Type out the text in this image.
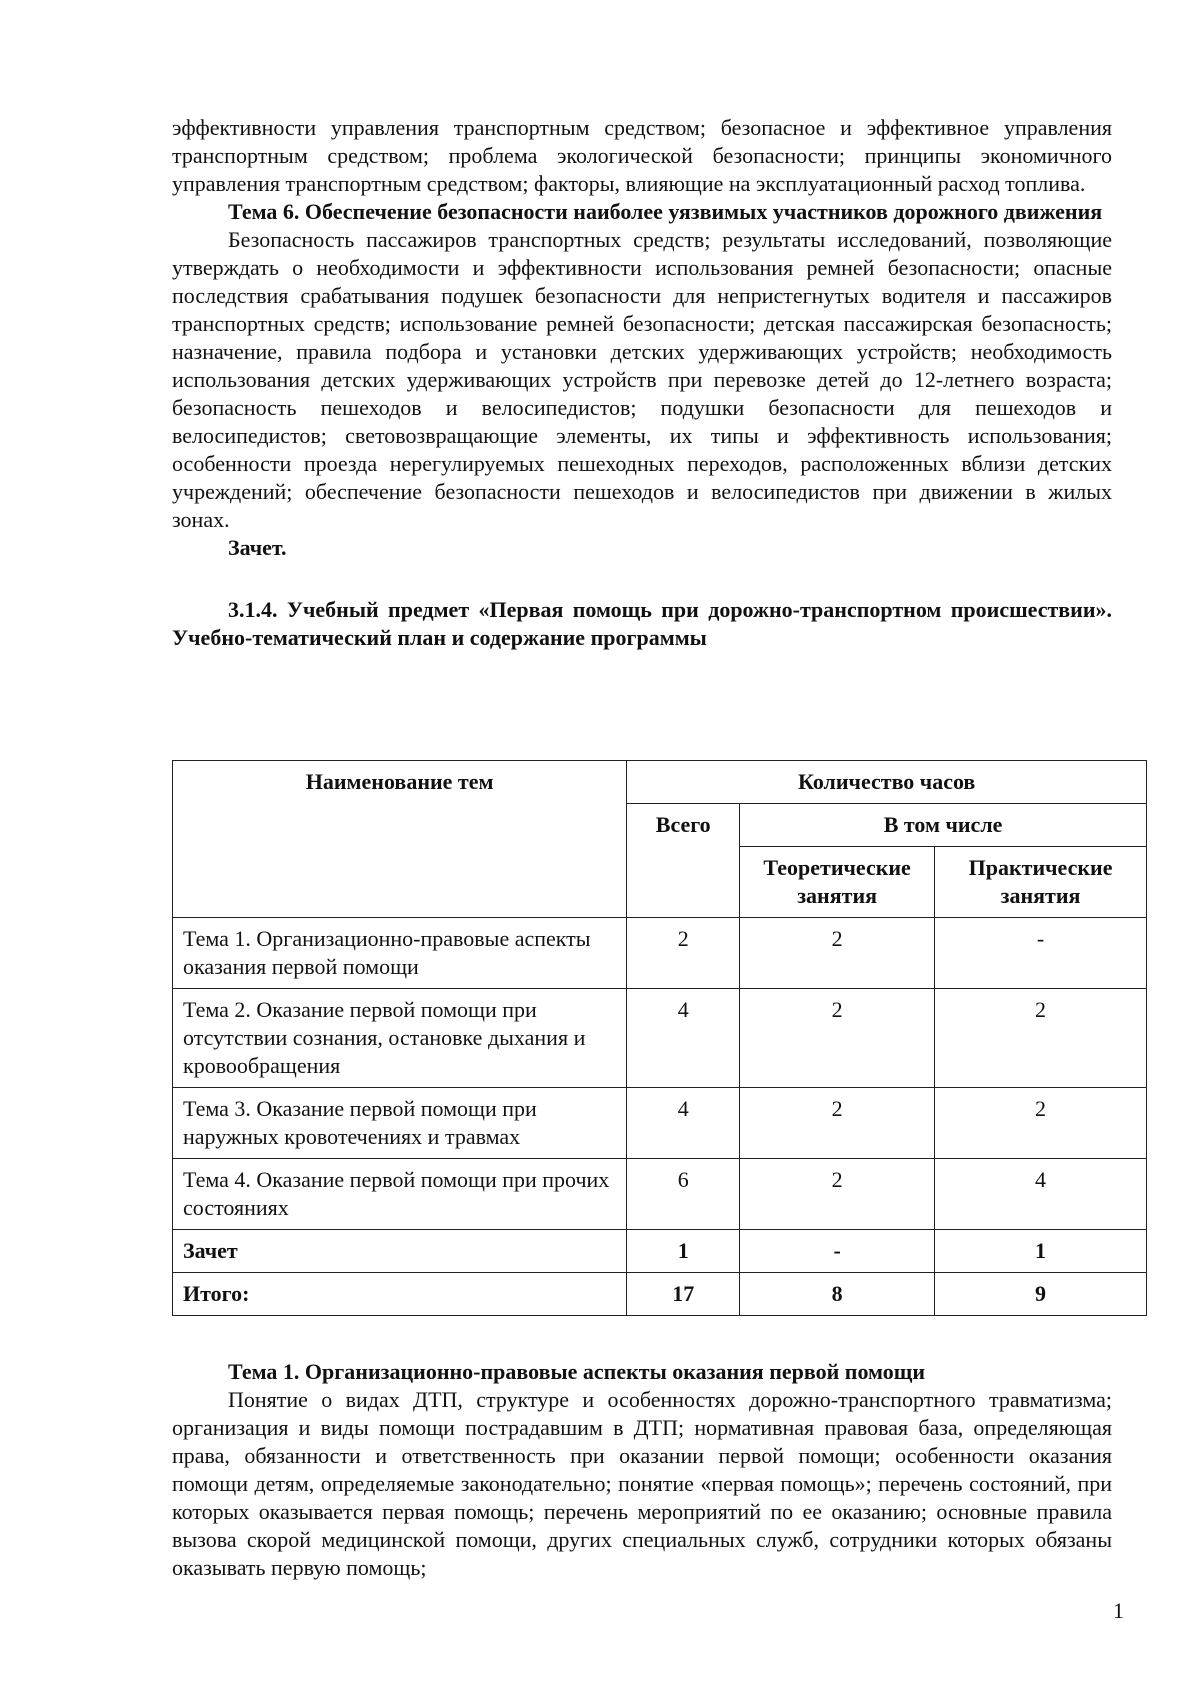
эффективности управления транспортным средством; безопасное и эффективное управления транспортным средством; проблема экологической безопасности; принципы экономичного управления транспортным средством; факторы, влияющие на эксплуатационный расход топлива.

Тема 6. Обеспечение безопасности наиболее уязвимых участников дорожного движения

Безопасность пассажиров транспортных средств; результаты исследований, позволяющие утверждать о необходимости и эффективности использования ремней безопасности; опасные последствия срабатывания подушек безопасности для непристегнутых водителя и пассажиров транспортных средств; использование ремней безопасности; детская пассажирская безопасность; назначение, правила подбора и установки детских удерживающих устройств; необходимость использования детских удерживающих устройств при перевозке детей до 12-летнего возраста; безопасность пешеходов и велосипедистов; подушки безопасности для пешеходов и велосипедистов; световозвращающие элементы, их типы и эффективность использования; особенности проезда нерегулируемых пешеходных переходов, расположенных вблизи детских учреждений; обеспечение безопасности пешеходов и велосипедистов при движении в жилых зонах.

Зачет.

3.1.4. Учебный предмет «Первая помощь при дорожно-транспортном происшествии». Учебно-тематический план и содержание программы

Наименование тем	Количество часов		
	Всего	В том числе	
		Теоретические занятия	Практические занятия
Тема 1. Организационно-правовые аспекты оказания первой помощи	2	2	-
Тема 2. Оказание первой помощи при отсутствии сознания, остановке дыхания и кровообращения	4	2	2
Тема 3. Оказание первой помощи при наружных кровотечениях и травмах	4	2	2
Тема 4. Оказание первой помощи при прочих состояниях	6	2	4
Зачет	1	-	1
Итого:	17	8	9

Тема 1. Организационно-правовые аспекты оказания первой помощи

Понятие о видах ДТП, структуре и особенностях дорожно-транспортного травматизма; организация и виды помощи пострадавшим в ДТП; нормативная правовая база, определяющая права, обязанности и ответственность при оказании первой помощи; особенности оказания помощи детям, определяемые законодательно; понятие «первая помощь»; перечень состояний, при которых оказывается первая помощь; перечень мероприятий по ее оказанию; основные правила вызова скорой медицинской помощи, других специальных служб, сотрудники которых обязаны оказывать первую помощь;

1
